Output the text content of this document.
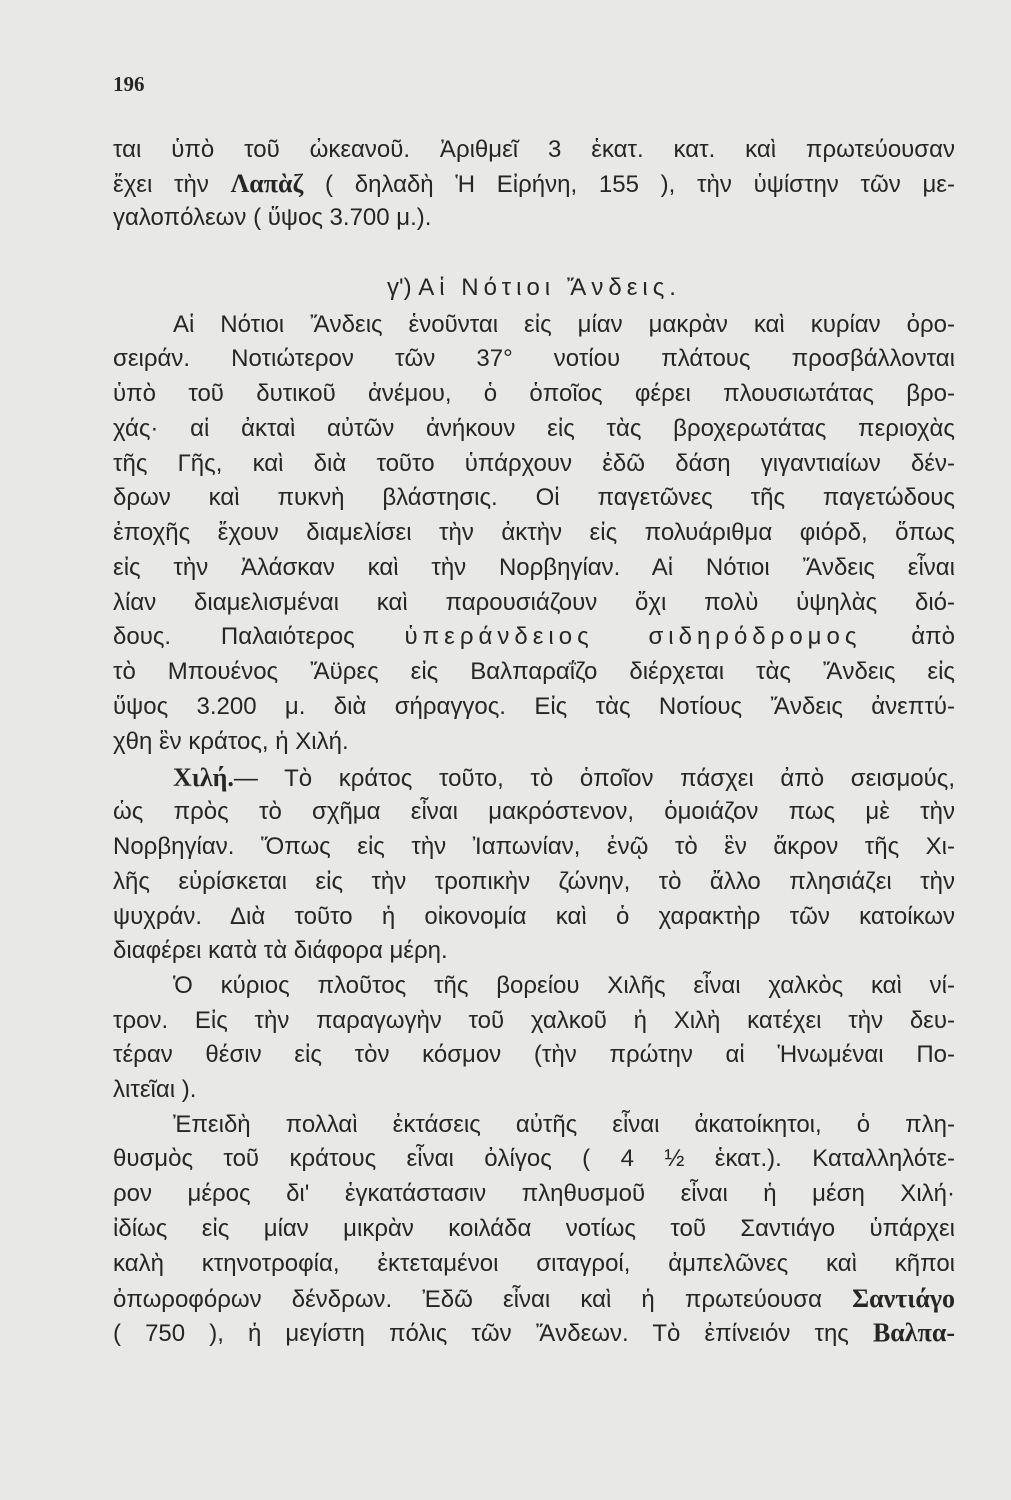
196
ται ὑπὸ τοῦ ὠκεανοῦ. Ἀριθμεῖ 3 ἑκατ. κατ. καὶ πρωτεύουσαν
ἔχει τὴν Λαπὰζ ( δηλαδὴ Ἡ Εἰρήνη, 155 ), τὴν ὑψίστην τῶν με-
γαλοπόλεων ( ὕψος 3.700 μ.).
γ') Αἱ Νότιοι Ἄνδεις.
Αἱ Νότιοι Ἄνδεις ἑνοῦνται εἰς μίαν μακρὰν καὶ κυρίαν ὀρο-
σειράν. Νοτιώτερον τῶν 37° νοτίου πλάτους προσβάλλονται
ὑπὸ τοῦ δυτικοῦ ἀνέμου, ὁ ὁποῖος φέρει πλουσιωτάτας βρο-
χάς· αἱ ἀκταὶ αὐτῶν ἀνήκουν εἰς τὰς βροχερωτάτας περιοχὰς
τῆς Γῆς, καὶ διὰ τοῦτο ὑπάρχουν ἐδῶ δάση γιγαντιαίων δέν-
δρων καὶ πυκνὴ βλάστησις. Οἱ παγετῶνες τῆς παγετώδους
ἐποχῆς ἔχουν διαμελίσει τὴν ἀκτὴν εἰς πολυάριθμα φιόρδ, ὅπως
εἰς τὴν Ἀλάσκαν καὶ τὴν Νορβηγίαν. Αἱ Νότιοι Ἄνδεις εἶναι
λίαν διαμελισμέναι καὶ παρουσιάζουν ὄχι πολὺ ὑψηλὰς διό-
δους. Παλαιότερος ὑπεράνδειος σιδηρόδρομος ἀπὸ
τὸ Μπουένος Ἄϋρες εἰς Βαλπαραΐζο διέρχεται τὰς Ἄνδεις εἰς
ὕψος 3.200 μ. διὰ σήραγγος. Εἰς τὰς Νοτίους Ἄνδεις ἀνεπτύ-
χθη ἓν κράτος, ἡ Χιλή.
Χιλή.— Τὸ κράτος τοῦτο, τὸ ὁποῖον πάσχει ἀπὸ σεισμούς,
ὡς πρὸς τὸ σχῆμα εἶναι μακρόστενον, ὁμοιάζον πως μὲ τὴν
Νορβηγίαν. Ὅπως εἰς τὴν Ἰαπωνίαν, ἐνῷ τὸ ἓν ἄκρον τῆς Χι-
λῆς εὑρίσκεται εἰς τὴν τροπικὴν ζώνην, τὸ ἄλλο πλησιάζει τὴν
ψυχράν. Διὰ τοῦτο ἡ οἰκονομία καὶ ὁ χαρακτὴρ τῶν κατοίκων
διαφέρει κατὰ τὰ διάφορα μέρη.
Ὁ κύριος πλοῦτος τῆς βορείου Χιλῆς εἶναι χαλκὸς καὶ νί-
τρον. Εἰς τὴν παραγωγὴν τοῦ χαλκοῦ ἡ Χιλὴ κατέχει τὴν δευ-
τέραν θέσιν εἰς τὸν κόσμον (τὴν πρώτην αἱ Ἡνωμέναι Πο-
λιτεῖαι ).
Ἐπειδὴ πολλαὶ ἐκτάσεις αὐτῆς εἶναι ἀκατοίκητοι, ὁ πλη-
θυσμὸς τοῦ κράτους εἶναι ὀλίγος ( 4 ½ ἑκατ.). Καταλληλότε-
ρον μέρος δι' ἐγκατάστασιν πληθυσμοῦ εἶναι ἡ μέση Χιλή·
ἰδίως εἰς μίαν μικρὰν κοιλάδα νοτίως τοῦ Σαντιάγο ὑπάρχει
καλὴ κτηνοτροφία, ἐκτεταμένοι σιταγροί, ἀμπελῶνες καὶ κῆποι
ὀπωροφόρων δένδρων. Ἐδῶ εἶναι καὶ ἡ πρωτεύουσα Σαντιάγο
( 750 ), ἡ μεγίστη πόλις τῶν Ἄνδεων. Τὸ ἐπίνειόν της Βαλπα-
